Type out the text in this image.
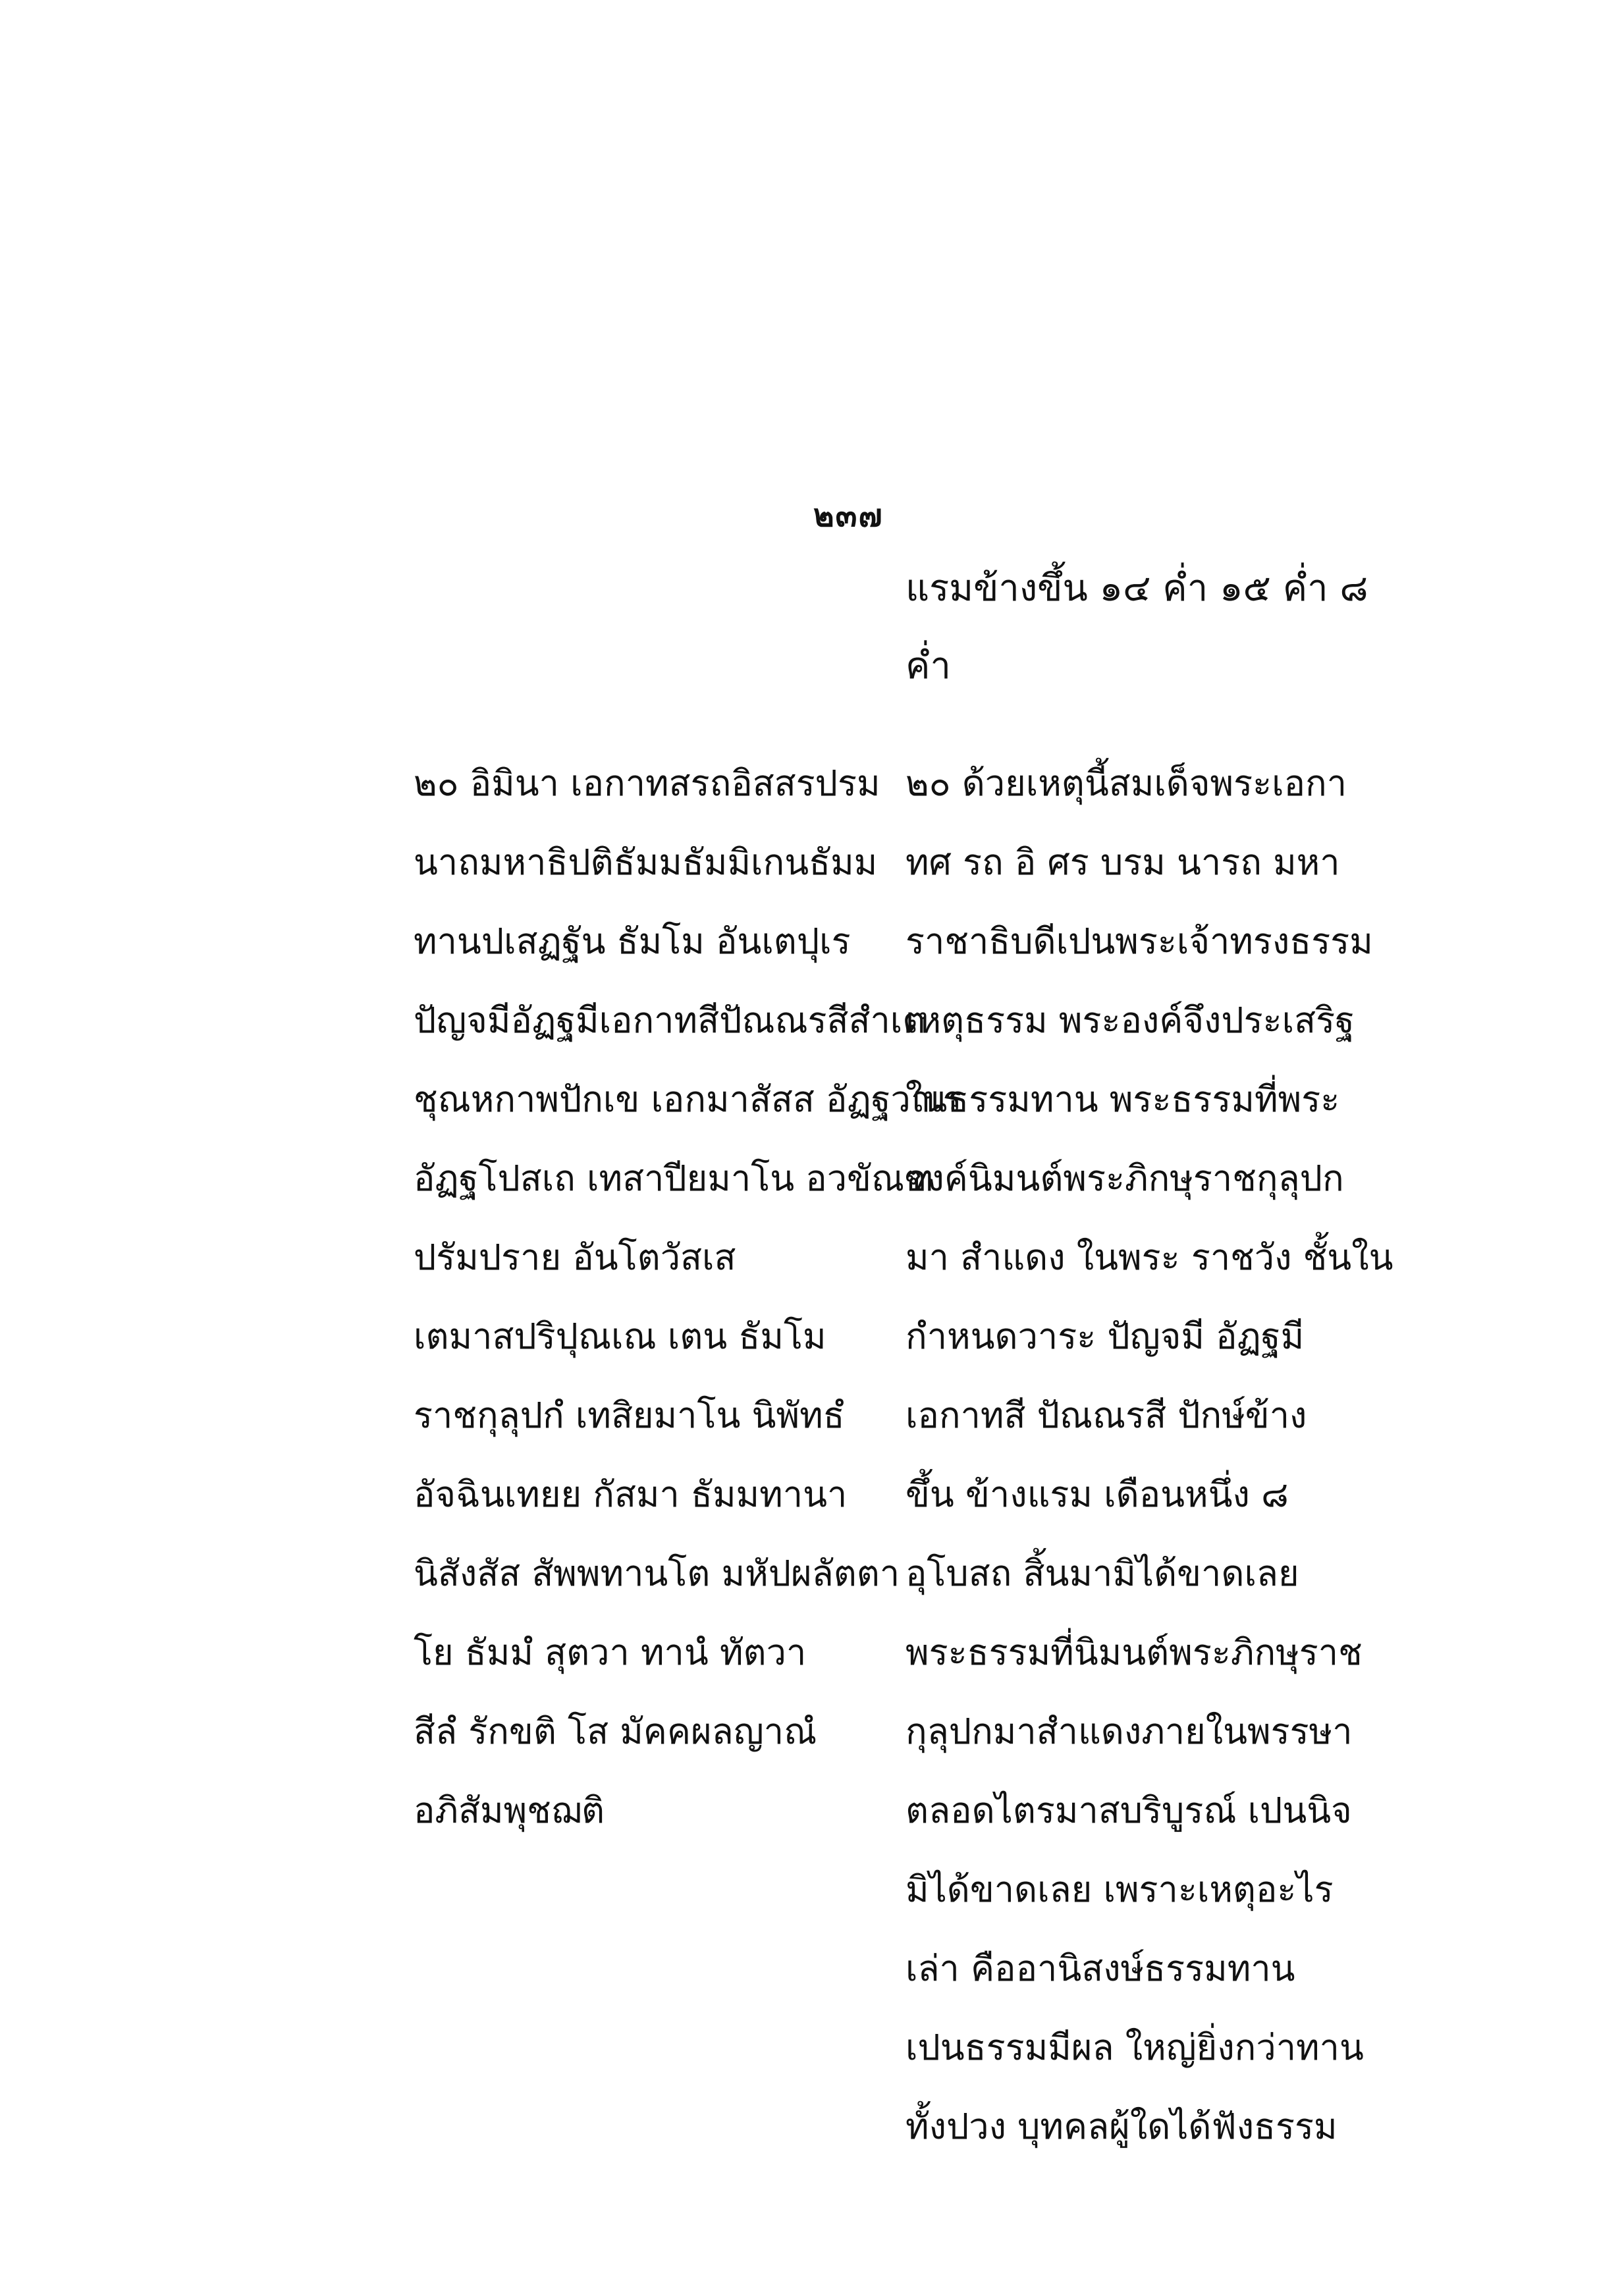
๒๓๗
แรมข้างขึ้น ๑๔ ค่ำ ๑๕ ค่ำ ๘
ค่ำ
๒๐ อิมินา เอกาทสรถอิสสรปรม
นาถมหาธิปติธัมมธัมมิเกนธัมม
ทานปเสฏฐัน ธัมโม อันเตปุเร
ปัญจมีอัฏฐมีเอกาทสีปัณณรสีสําเต
ชุณหกาพปักเข เอกมาสัสส อัฏฐวาเร
อัฏฐโปสเถ เทสาปียมาโน อวขัณฑ
ปรัมปราย อันโตวัสเส
เตมาสปริปุณเณ เตน ธัมโม
ราชกุลุปกํ เทสิยมาโน นิพัทธํ
อัจฉินเทยย กัสมา ธัมมทานา
นิสังสัส สัพพทานโต มหัปผลัตตา
โย ธัมมํ สุตวา ทานํ ทัตวา
สีลํ รักขติ โส มัคคผลญาณํ
อภิสัมพุชฌติ
๒๐ ด้วยเหตุนี้สมเด็จพระเอกา
ทศ รถ อิ ศร บรม นารถ มหา
ราชาธิบดีเปนพระเจ้าทรงธรรม
เหตุธรรม พระองค์จึงประเสริฐ
ในธรรมทาน พระธรรมที่พระ
องค์นิมนต์พระภิกษุราชกุลุปก
มา สำแดง ในพระ ราชวัง ชั้นใน
กำหนดวาระ ปัญจมี อัฏฐมี
เอกาทสี ปัณณรสี ปักษ์ข้าง
ขึ้น ข้างแรม เดือนหนึ่ง ๘
อุโบสถ สิ้นมามิได้ขาดเลย
พระธรรมที่นิมนต์พระภิกษุราช
กุลุปกมาสำแดงภายในพรรษา
ตลอดไตรมาสบริบูรณ์ เปนนิจ
มิได้ขาดเลย เพราะเหตุอะไร
เล่า คืออานิสงษ์ธรรมทาน
เปนธรรมมีผล ใหญ่ยิ่งกว่าทาน
ทั้งปวง บุทคลผู้ใดได้ฟังธรรม
